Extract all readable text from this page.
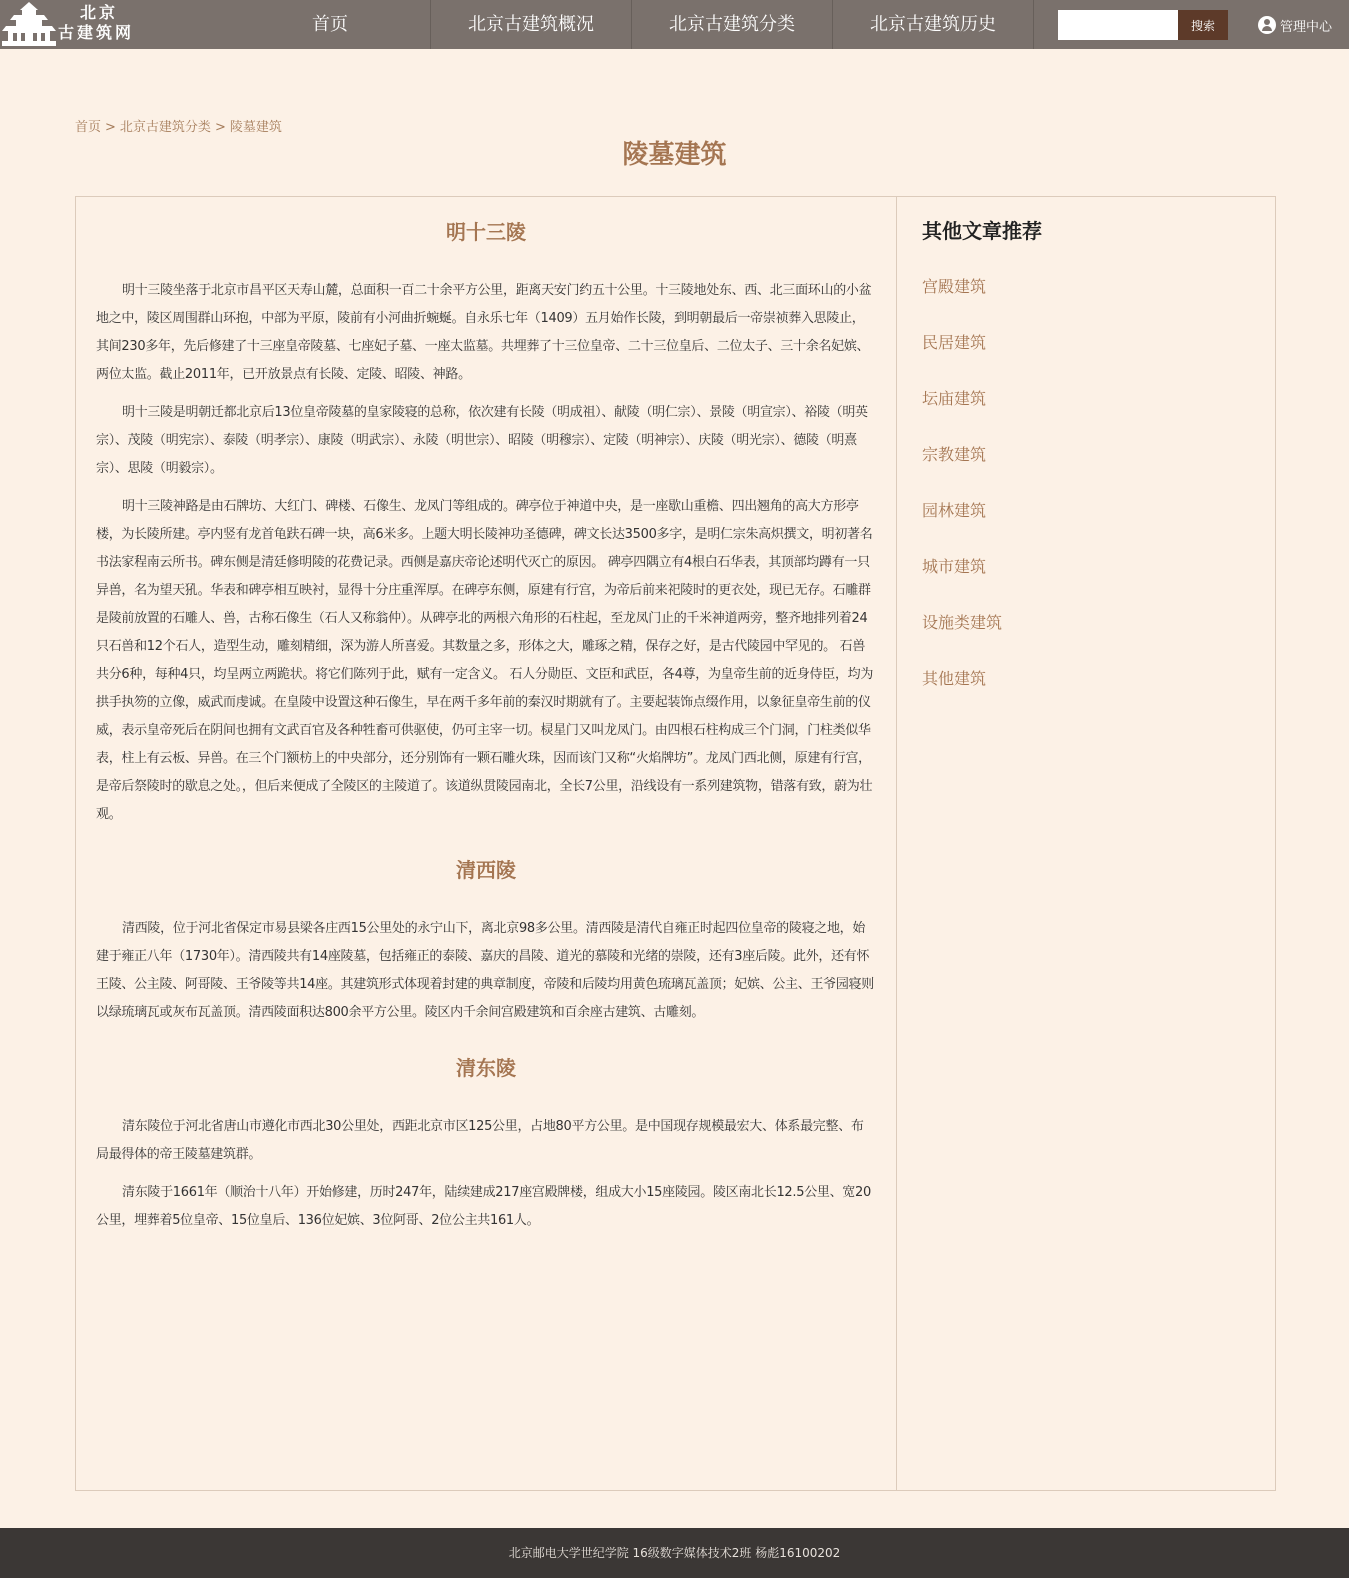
北京
古建筑网	首页	北京古建筑概况	北京古建筑分类	北京古建筑历史	搜索	管理中心
首页 > 北京古建筑分类 > 陵墓建筑
陵墓建筑
明十三陵

明十三陵坐落于北京市昌平区天寿山麓，总面积一百二十余平方公里，距离天安门约五十公里。十三陵地处东、西、北三面环山的小盆地之中，陵区周围群山环抱，中部为平原，陵前有小河曲折蜿蜒。自永乐七年（1409）五月始作长陵，到明朝最后一帝崇祯葬入思陵止，其间230多年，先后修建了十三座皇帝陵墓、七座妃子墓、一座太监墓。共埋葬了十三位皇帝、二十三位皇后、二位太子、三十余名妃嫔、两位太监。截止2011年，已开放景点有长陵、定陵、昭陵、神路。

明十三陵是明朝迁都北京后13位皇帝陵墓的皇家陵寝的总称，依次建有长陵（明成祖）、献陵（明仁宗）、景陵（明宣宗）、裕陵（明英宗）、茂陵（明宪宗）、泰陵（明孝宗）、康陵（明武宗）、永陵（明世宗）、昭陵（明穆宗）、定陵（明神宗）、庆陵（明光宗）、德陵（明熹宗）、思陵（明毅宗）。

明十三陵神路是由石牌坊、大红门、碑楼、石像生、龙凤门等组成的。碑亭位于神道中央，是一座歇山重檐、四出翘角的高大方形亭楼，为长陵所建。亭内竖有龙首龟趺石碑一块，高6米多。上题大明长陵神功圣德碑，碑文长达3500多字，是明仁宗朱高炽撰文，明初著名书法家程南云所书。碑东侧是清廷修明陵的花费记录。西侧是嘉庆帝论述明代灭亡的原因。 碑亭四隅立有4根白石华表，其顶部均蹲有一只异兽，名为望天犼。华表和碑亭相互映衬，显得十分庄重浑厚。在碑亭东侧，原建有行宫，为帝后前来祀陵时的更衣处，现已无存。石雕群是陵前放置的石雕人、兽，古称石像生（石人又称翁仲）。从碑亭北的两根六角形的石柱起，至龙凤门止的千米神道两旁，整齐地排列着24只石兽和12个石人，造型生动，雕刻精细，深为游人所喜爱。其数量之多，形体之大，雕琢之精，保存之好，是古代陵园中罕见的。 石兽共分6种，每种4只，均呈两立两跪状。将它们陈列于此，赋有一定含义。 石人分勋臣、文臣和武臣，各4尊，为皇帝生前的近身侍臣，均为拱手执笏的立像，威武而虔诚。在皇陵中设置这种石像生，早在两千多年前的秦汉时期就有了。主要起装饰点缀作用，以象征皇帝生前的仪威，表示皇帝死后在阴间也拥有文武百官及各种牲畜可供驱使，仍可主宰一切。棂星门又叫龙凤门。由四根石柱构成三个门洞，门柱类似华表，柱上有云板、异兽。在三个门额枋上的中央部分，还分别饰有一颗石雕火珠，因而该门又称“火焰牌坊”。龙凤门西北侧，原建有行宫，是帝后祭陵时的歇息之处。，但后来便成了全陵区的主陵道了。该道纵贯陵园南北，全长7公里，沿线设有一系列建筑物，错落有致，蔚为壮观。

清西陵

清西陵，位于河北省保定市易县梁各庄西15公里处的永宁山下，离北京98多公里。清西陵是清代自雍正时起四位皇帝的陵寝之地，始建于雍正八年（1730年）。清西陵共有14座陵墓，包括雍正的泰陵、嘉庆的昌陵、道光的慕陵和光绪的崇陵，还有3座后陵。此外，还有怀王陵、公主陵、阿哥陵、王爷陵等共14座。其建筑形式体现着封建的典章制度，帝陵和后陵均用黄色琉璃瓦盖顶；妃嫔、公主、王爷园寝则以绿琉璃瓦或灰布瓦盖顶。清西陵面积达800余平方公里。陵区内千余间宫殿建筑和百余座古建筑、古雕刻。

清东陵

清东陵位于河北省唐山市遵化市西北30公里处，西距北京市区125公里，占地80平方公里。是中国现存规模最宏大、体系最完整、布局最得体的帝王陵墓建筑群。

清东陵于1661年（顺治十八年）开始修建，历时247年，陆续建成217座宫殿牌楼，组成大小15座陵园。陵区南北长12.5公里、宽20公里，埋葬着5位皇帝、15位皇后、136位妃嫔、3位阿哥、2位公主共161人。

其他文章推荐
宫殿建筑
民居建筑
坛庙建筑
宗教建筑
园林建筑
城市建筑
设施类建筑
其他建筑
北京邮电大学世纪学院 16级数字媒体技术2班 杨彪16100202
